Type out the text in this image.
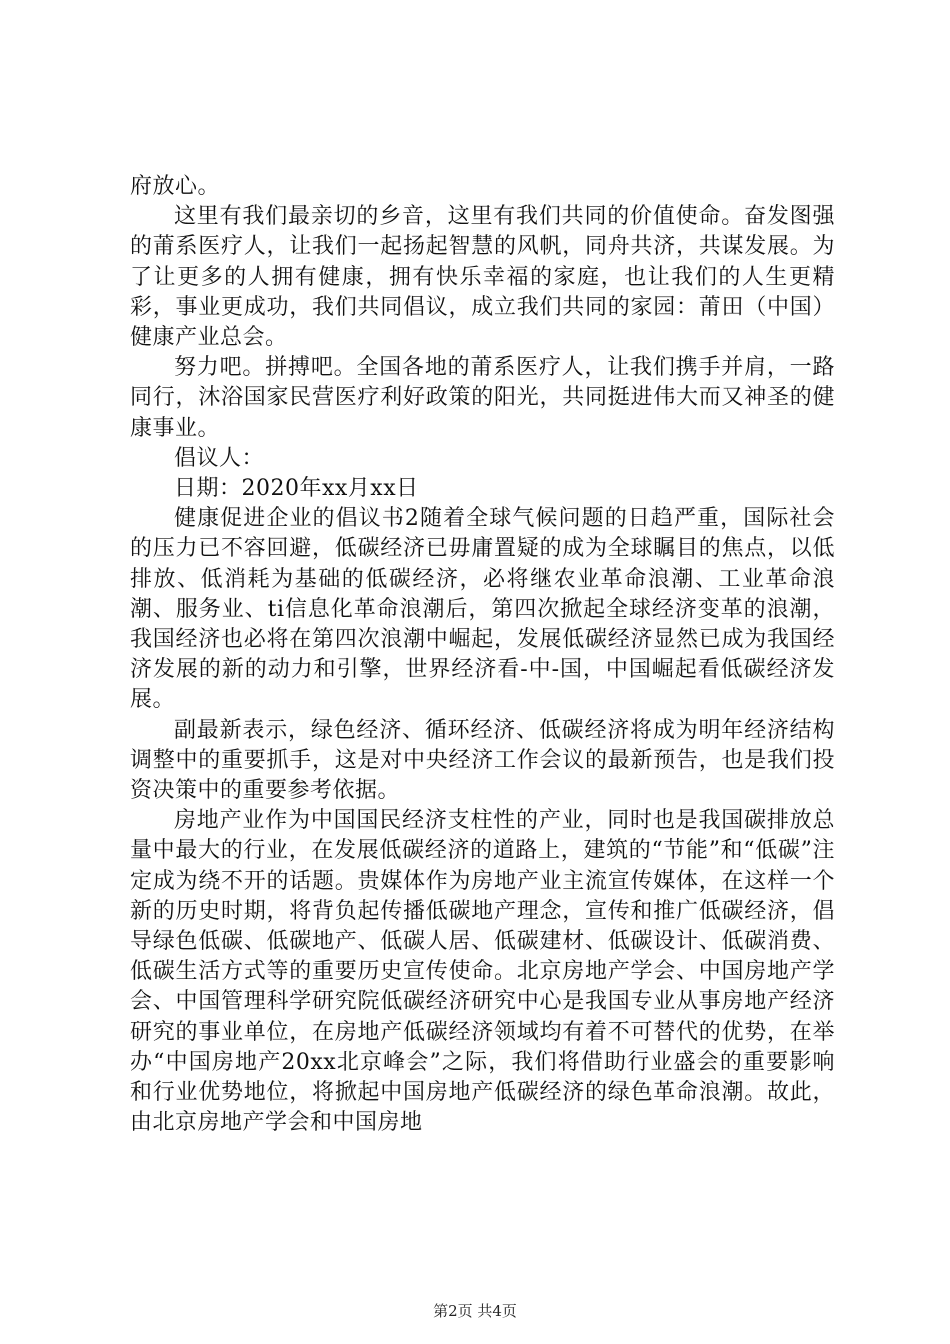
府放心。

这里有我们最亲切的乡音，这里有我们共同的价值使命。奋发图强的莆系医疗人，让我们一起扬起智慧的风帆，同舟共济，共谋发展。为了让更多的人拥有健康，拥有快乐幸福的家庭，也让我们的人生更精彩，事业更成功，我们共同倡议，成立我们共同的家园：莆田（中国）健康产业总会。

努力吧。拼搏吧。全国各地的莆系医疗人，让我们携手并肩，一路同行，沐浴国家民营医疗利好政策的阳光，共同挺进伟大而又神圣的健康事业。

倡议人：

日期：2020年xx月xx日

健康促进企业的倡议书2随着全球气候问题的日趋严重，国际社会的压力已不容回避，低碳经济已毋庸置疑的成为全球瞩目的焦点，以低排放、低消耗为基础的低碳经济，必将继农业革命浪潮、工业革命浪潮、服务业、ti信息化革命浪潮后，第四次掀起全球经济变革的浪潮，我国经济也必将在第四次浪潮中崛起，发展低碳经济显然已成为我国经济发展的新的动力和引擎，世界经济看-中-国，中国崛起看低碳经济发展。

副最新表示，绿色经济、循环经济、低碳经济将成为明年经济结构调整中的重要抓手，这是对中央经济工作会议的最新预告，也是我们投资决策中的重要参考依据。

房地产业作为中国国民经济支柱性的产业，同时也是我国碳排放总量中最大的行业，在发展低碳经济的道路上，建筑的“节能”和“低碳”注定成为绕不开的话题。贵媒体作为房地产业主流宣传媒体，在这样一个新的历史时期，将背负起传播低碳地产理念，宣传和推广低碳经济，倡导绿色低碳、低碳地产、低碳人居、低碳建材、低碳设计、低碳消费、低碳生活方式等的重要历史宣传使命。北京房地产学会、中国房地产学会、中国管理科学研究院低碳经济研究中心是我国专业从事房地产经济研究的事业单位，在房地产低碳经济领域均有着不可替代的优势，在举办“中国房地产20xx北京峰会”之际，我们将借助行业盛会的重要影响和行业优势地位，将掀起中国房地产低碳经济的绿色革命浪潮。故此，由北京房地产学会和中国房地

第2页 共4页
